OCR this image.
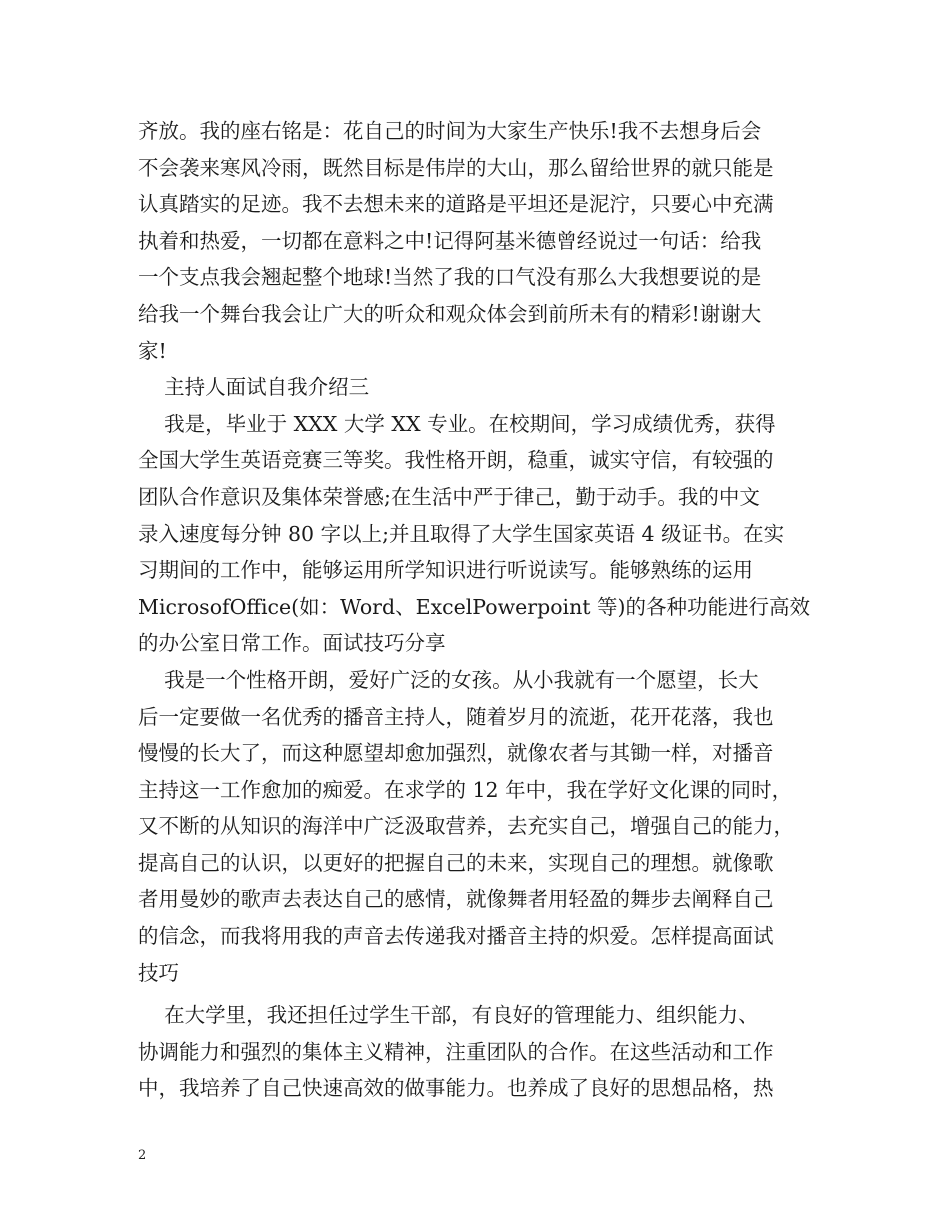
齐放。我的座右铭是：花自己的时间为大家生产快乐!我不去想身后会
不会袭来寒风冷雨，既然目标是伟岸的大山，那么留给世界的就只能是
认真踏实的足迹。我不去想未来的道路是平坦还是泥泞，只要心中充满
执着和热爱，一切都在意料之中!记得阿基米德曾经说过一句话：给我
一个支点我会翘起整个地球!当然了我的口气没有那么大我想要说的是
给我一个舞台我会让广大的听众和观众体会到前所未有的精彩!谢谢大
家!
主持人面试自我介绍三
我是，毕业于 XXX 大学 XX 专业。在校期间，学习成绩优秀，获得
全国大学生英语竞赛三等奖。我性格开朗，稳重，诚实守信，有较强的
团队合作意识及集体荣誉感;在生活中严于律己，勤于动手。我的中文
录入速度每分钟 80 字以上;并且取得了大学生国家英语 4 级证书。在实
习期间的工作中，能够运用所学知识进行听说读写。能够熟练的运用
MicrosofOffice(如：Word、ExcelPowerpoint 等)的各种功能进行高效
的办公室日常工作。面试技巧分享
我是一个性格开朗，爱好广泛的女孩。从小我就有一个愿望，长大
后一定要做一名优秀的播音主持人，随着岁月的流逝，花开花落，我也
慢慢的长大了，而这种愿望却愈加强烈，就像农者与其锄一样，对播音
主持这一工作愈加的痴爱。在求学的 12 年中，我在学好文化课的同时，
又不断的从知识的海洋中广泛汲取营养，去充实自己，增强自己的能力，
提高自己的认识，以更好的把握自己的未来，实现自己的理想。就像歌
者用曼妙的歌声去表达自己的感情，就像舞者用轻盈的舞步去阐释自己
的信念，而我将用我的声音去传递我对播音主持的炽爱。怎样提高面试
技巧
在大学里，我还担任过学生干部，有良好的管理能力、组织能力、
协调能力和强烈的集体主义精神，注重团队的合作。在这些活动和工作
中，我培养了自己快速高效的做事能力。也养成了良好的思想品格，热
2
